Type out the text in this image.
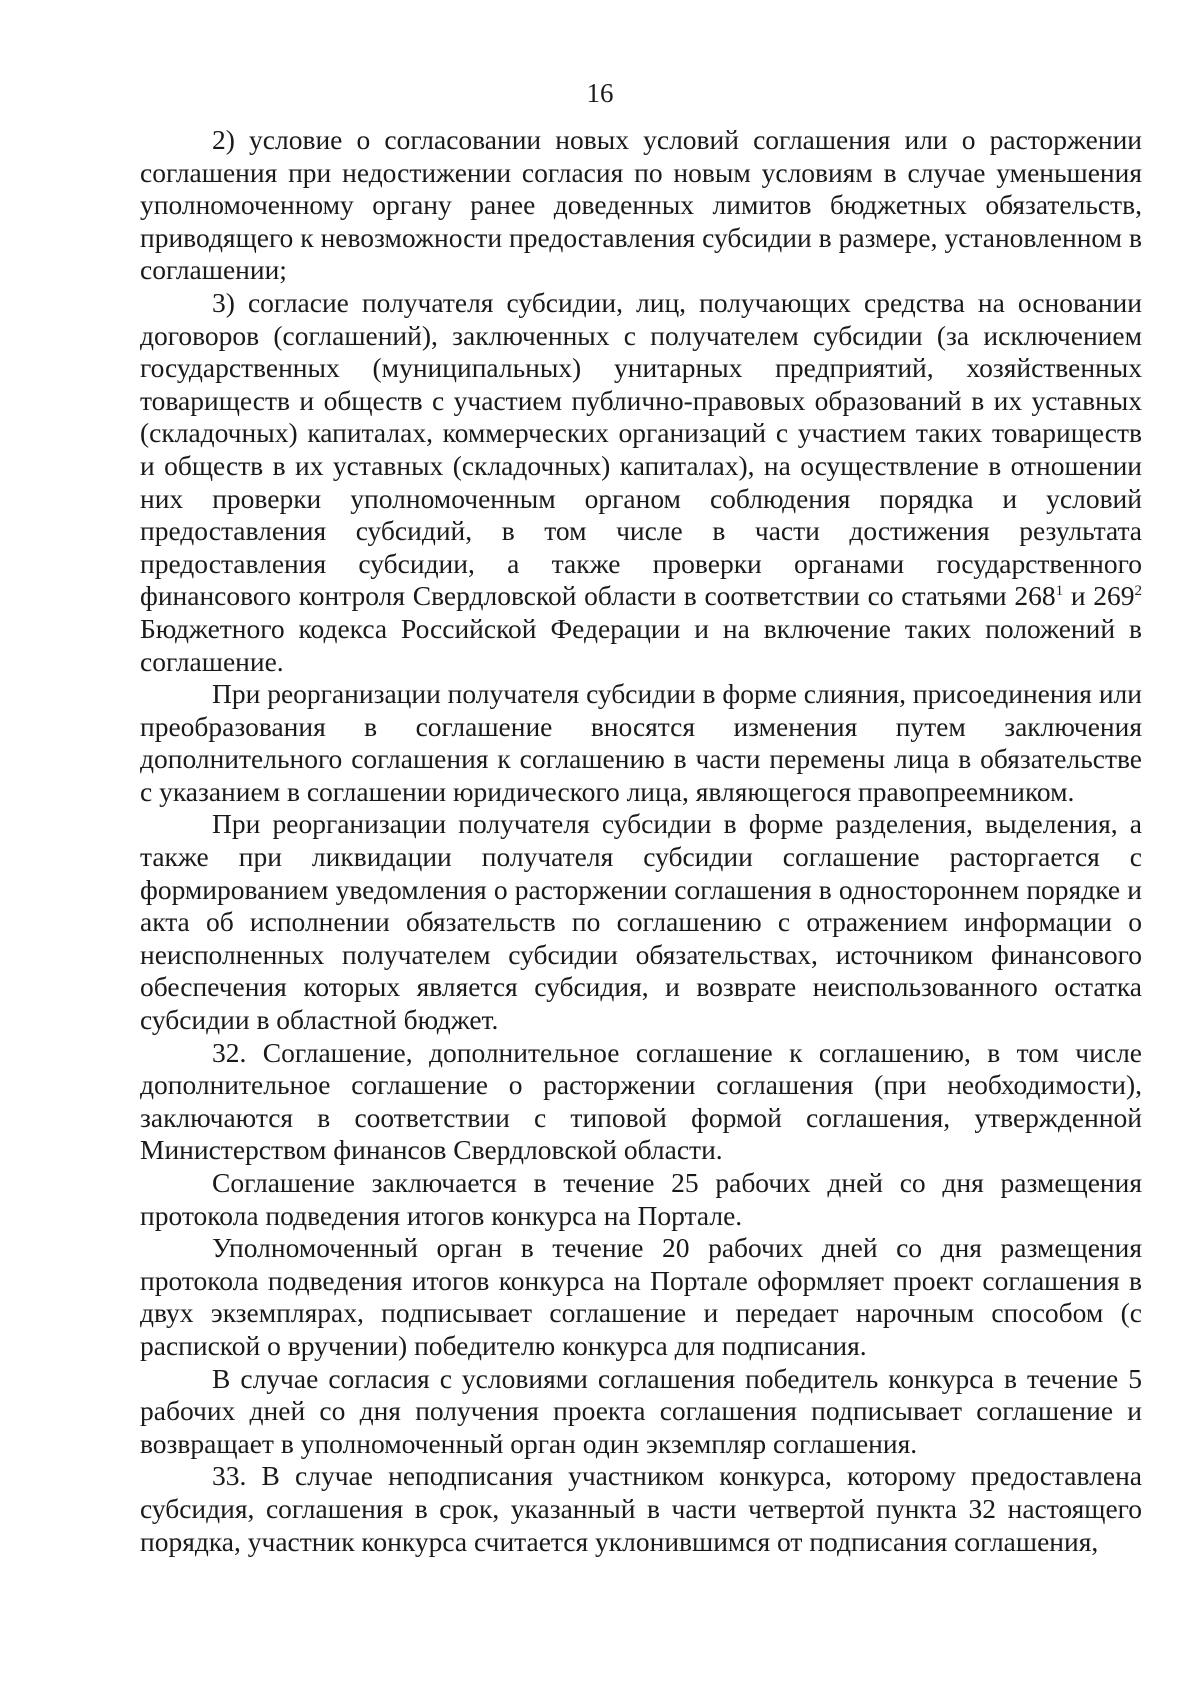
16

2) условие о согласовании новых условий соглашения или о расторжении соглашения при недостижении согласия по новым условиям в случае уменьшения уполномоченному органу ранее доведенных лимитов бюджетных обязательств, приводящего к невозможности предоставления субсидии в размере, установленном в соглашении;

3) согласие получателя субсидии, лиц, получающих средства на основании договоров (соглашений), заключенных с получателем субсидии (за исключением государственных (муниципальных) унитарных предприятий, хозяйственных товариществ и обществ с участием публично-правовых образований в их уставных (складочных) капиталах, коммерческих организаций с участием таких товариществ и обществ в их уставных (складочных) капиталах), на осуществление в отношении них проверки уполномоченным органом соблюдения порядка и условий предоставления субсидий, в том числе в части достижения результата предоставления субсидии, а также проверки органами государственного финансового контроля Свердловской области в соответствии со статьями $268^1$ и $269^2$ Бюджетного кодекса Российской Федерации и на включение таких положений в соглашение.

При реорганизации получателя субсидии в форме слияния, присоединения или преобразования в соглашение вносятся изменения путем заключения дополнительного соглашения к соглашению в части перемены лица в обязательстве с указанием в соглашении юридического лица, являющегося правопреемником.

При реорганизации получателя субсидии в форме разделения, выделения, а также при ликвидации получателя субсидии соглашение расторгается с формированием уведомления о расторжении соглашения в одностороннем порядке и акта об исполнении обязательств по соглашению с отражением информации о неисполненных получателем субсидии обязательствах, источником финансового обеспечения которых является субсидия, и возврате неиспользованного остатка субсидии в областной бюджет.

32. Соглашение, дополнительное соглашение к соглашению, в том числе дополнительное соглашение о расторжении соглашения (при необходимости), заключаются в соответствии с типовой формой соглашения, утвержденной Министерством финансов Свердловской области.

Соглашение заключается в течение 25 рабочих дней со дня размещения протокола подведения итогов конкурса на Портале.

Уполномоченный орган в течение 20 рабочих дней со дня размещения протокола подведения итогов конкурса на Портале оформляет проект соглашения в двух экземплярах, подписывает соглашение и передает нарочным способом (с распиской о вручении) победителю конкурса для подписания.

В случае согласия с условиями соглашения победитель конкурса в течение 5 рабочих дней со дня получения проекта соглашения подписывает соглашение и возвращает в уполномоченный орган один экземпляр соглашения.

33. В случае неподписания участником конкурса, которому предоставлена субсидия, соглашения в срок, указанный в части четвертой пункта 32 настоящего порядка, участник конкурса считается уклонившимся от подписания соглашения,
